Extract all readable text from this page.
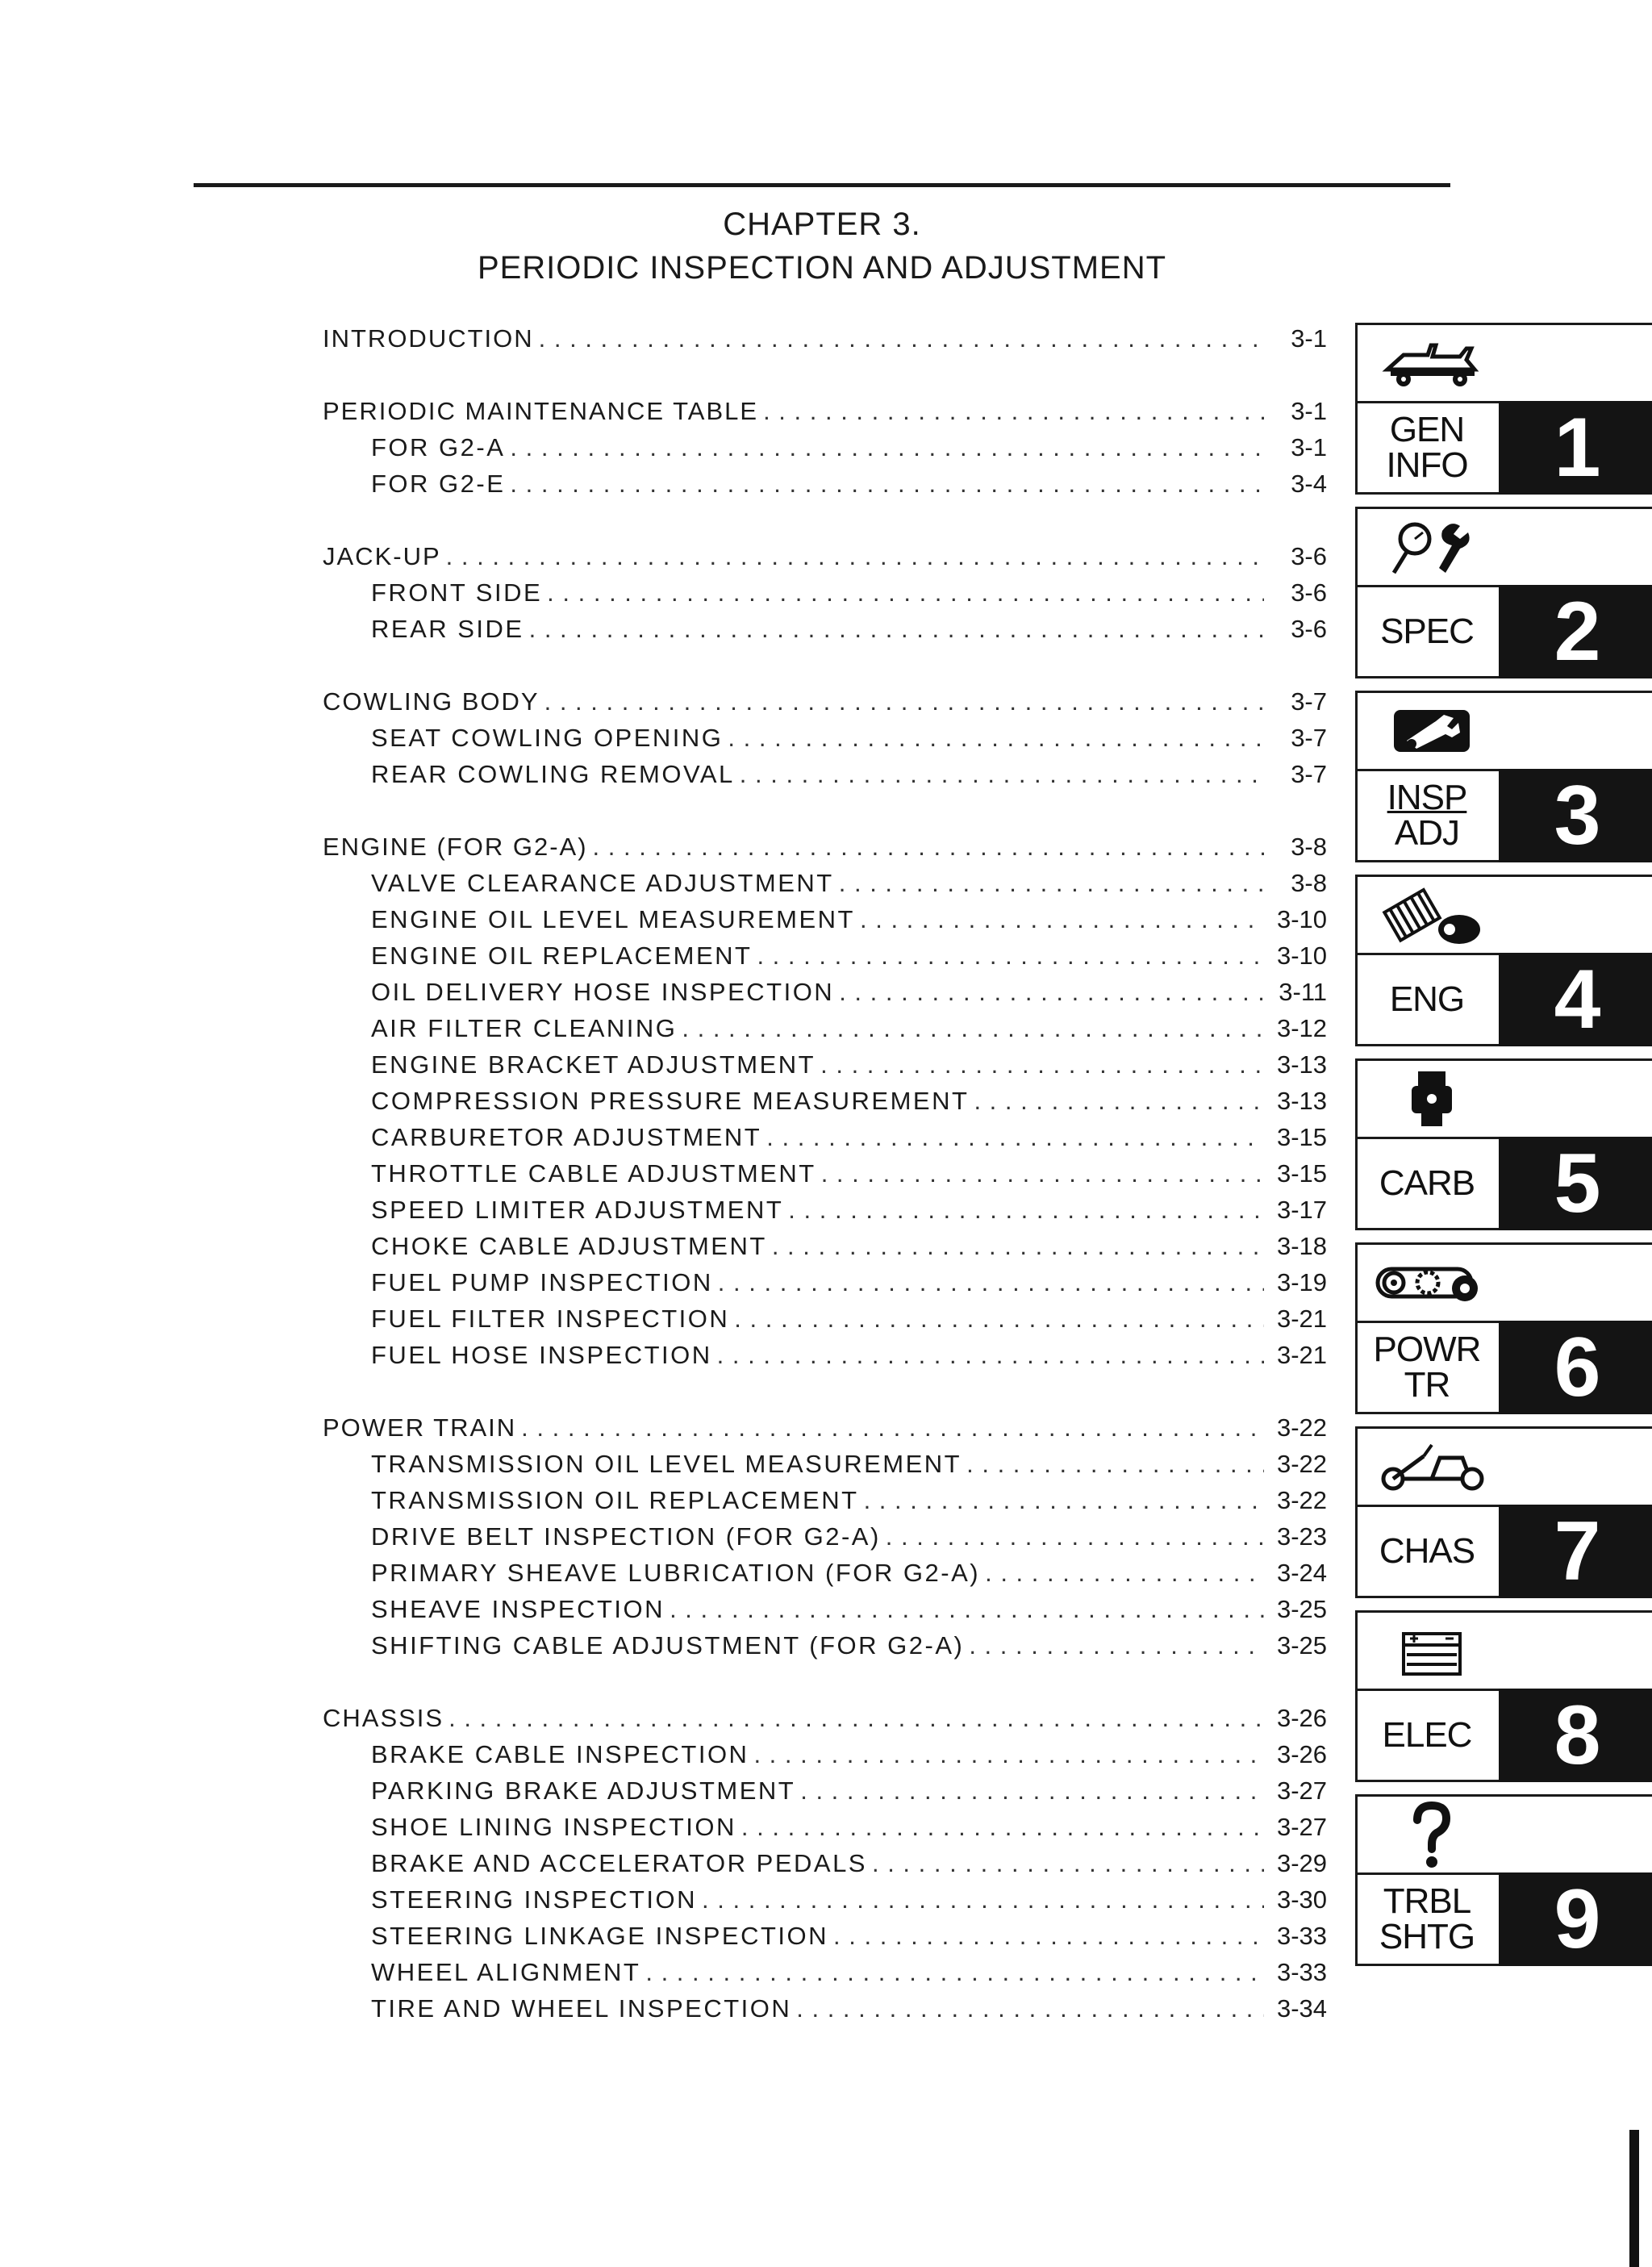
CHAPTER 3.
PERIODIC INSPECTION AND ADJUSTMENT
INTRODUCTION . . .	3-1
PERIODIC MAINTENANCE TABLE . . .	3-1
FOR G2-A . . .	3-1
FOR G2-E . . .	3-4
JACK-UP . . .	3-6
FRONT SIDE . . .	3-6
REAR SIDE . . .	3-6
COWLING BODY . . .	3-7
SEAT COWLING OPENING . . .	3-7
REAR COWLING REMOVAL . . .	3-7
ENGINE (FOR G2-A) . . .	3-8
VALVE CLEARANCE ADJUSTMENT . . .	3-8
ENGINE OIL LEVEL MEASUREMENT . . .	3-10
ENGINE OIL REPLACEMENT . . .	3-10
OIL DELIVERY HOSE INSPECTION . . .	3-11
AIR FILTER CLEANING . . .	3-12
ENGINE BRACKET ADJUSTMENT . . .	3-13
COMPRESSION PRESSURE MEASUREMENT . . .	3-13
CARBURETOR ADJUSTMENT . . .	3-15
THROTTLE CABLE ADJUSTMENT . . .	3-15
SPEED LIMITER ADJUSTMENT . . .	3-17
CHOKE CABLE ADJUSTMENT . . .	3-18
FUEL PUMP INSPECTION . . .	3-19
FUEL FILTER INSPECTION . . .	3-21
FUEL HOSE INSPECTION . . .	3-21
POWER TRAIN . . .	3-22
TRANSMISSION OIL LEVEL MEASUREMENT . . .	3-22
TRANSMISSION OIL REPLACEMENT . . .	3-22
DRIVE BELT INSPECTION (FOR G2-A) . . .	3-23
PRIMARY SHEAVE LUBRICATION (FOR G2-A) . . .	3-24
SHEAVE INSPECTION . . .	3-25
SHIFTING CABLE ADJUSTMENT (FOR G2-A) . . .	3-25
CHASSIS . . .	3-26
BRAKE CABLE INSPECTION . . .	3-26
PARKING BRAKE ADJUSTMENT . . .	3-27
SHOE LINING INSPECTION . . .	3-27
BRAKE AND ACCELERATOR PEDALS . . .	3-29
STEERING INSPECTION . . .	3-30
STEERING LINKAGE INSPECTION . . .	3-33
WHEEL ALIGNMENT . . .	3-33
TIRE AND WHEEL INSPECTION . . .	3-34
GEN
INFO	1
SPEC 2
INSP
ADJ	3
ENG	4
CARB 5
POWR
TR	6
CHAS 7
ELEC 8
TRBL
SHTG 9
